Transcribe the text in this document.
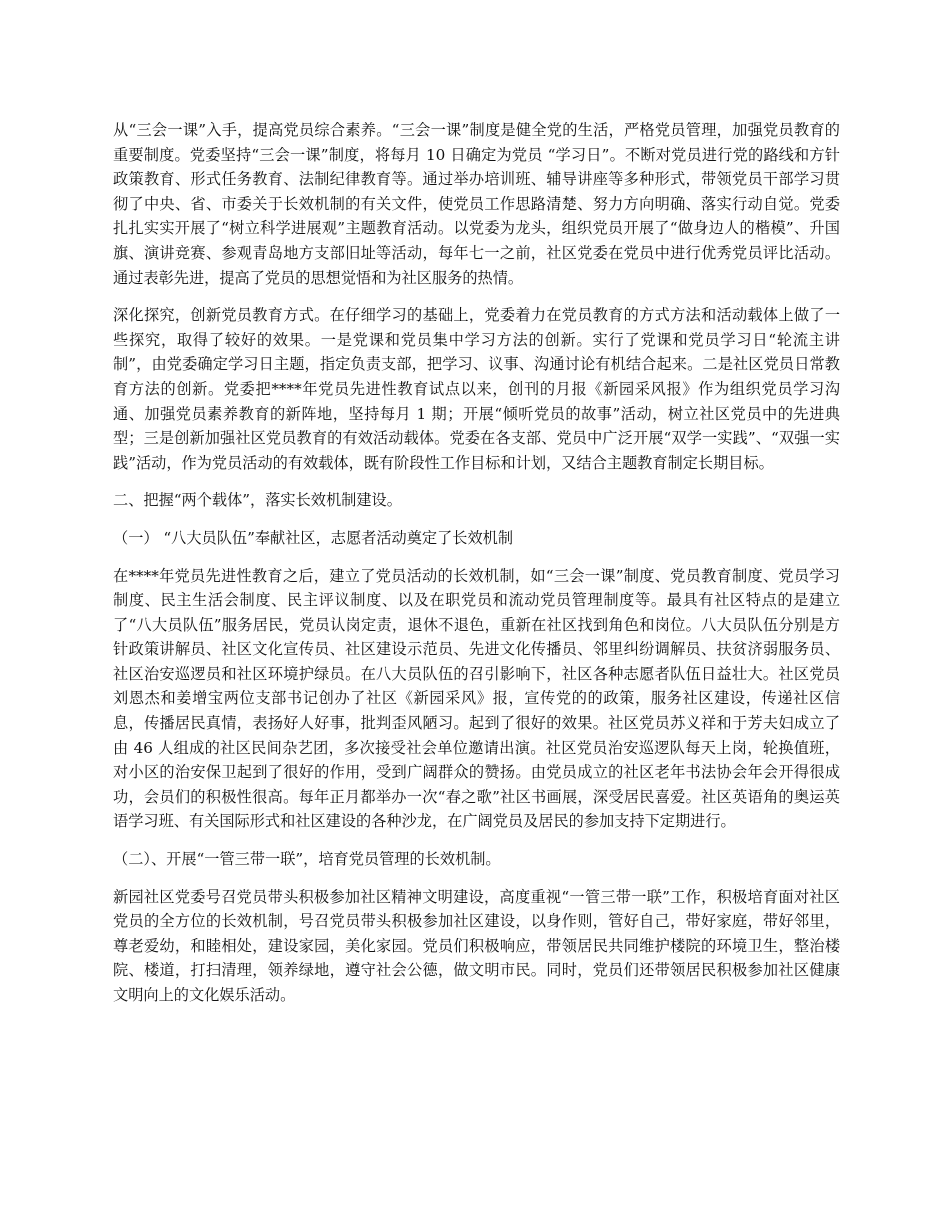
从“三会一课”入手，提高党员综合素养。“三会一课”制度是健全党的生活，严格党员管理，加强党员教育的重要制度。党委坚持“三会一课”制度，将每月 10 日确定为党员 “学习日”。不断对党员进行党的路线和方针政策教育、形式任务教育、法制纪律教育等。通过举办培训班、辅导讲座等多种形式，带领党员干部学习贯彻了中央、省、市委关于长效机制的有关文件，使党员工作思路清楚、努力方向明确、落实行动自觉。党委扎扎实实开展了“树立科学进展观”主题教育活动。以党委为龙头，组织党员开展了“做身边人的楷模”、升国旗、演讲竞赛、参观青岛地方支部旧址等活动，每年七一之前，社区党委在党员中进行优秀党员评比活动。通过表彰先进，提高了党员的思想觉悟和为社区服务的热情。

深化探究，创新党员教育方式。在仔细学习的基础上，党委着力在党员教育的方式方法和活动载体上做了一些探究，取得了较好的效果。一是党课和党员集中学习方法的创新。实行了党课和党员学习日“轮流主讲制”，由党委确定学习日主题，指定负责支部，把学习、议事、沟通讨论有机结合起来。二是社区党员日常教育方法的创新。党委把****年党员先进性教育试点以来，创刊的月报《新园采风报》作为组织党员学习沟通、加强党员素养教育的新阵地，坚持每月 1 期；开展“倾听党员的故事”活动，树立社区党员中的先进典型；三是创新加强社区党员教育的有效活动载体。党委在各支部、党员中广泛开展“双学一实践”、“双强一实践”活动，作为党员活动的有效载体，既有阶段性工作目标和计划，又结合主题教育制定长期目标。

二、把握“两个载体”，落实长效机制建设。

（一） “八大员队伍”奉献社区，志愿者活动奠定了长效机制

在****年党员先进性教育之后，建立了党员活动的长效机制，如“三会一课”制度、党员教育制度、党员学习制度、民主生活会制度、民主评议制度、以及在职党员和流动党员管理制度等。最具有社区特点的是建立了“八大员队伍”服务居民，党员认岗定责，退休不退色，重新在社区找到角色和岗位。八大员队伍分别是方针政策讲解员、社区文化宣传员、社区建设示范员、先进文化传播员、邻里纠纷调解员、扶贫济弱服务员、社区治安巡逻员和社区环境护绿员。在八大员队伍的召引影响下，社区各种志愿者队伍日益壮大。社区党员刘恩杰和姜增宝两位支部书记创办了社区《新园采风》报，宣传党的的政策，服务社区建设，传递社区信息，传播居民真情，表扬好人好事，批判歪风陋习。起到了很好的效果。社区党员苏义祥和于芳夫妇成立了由 46 人组成的社区民间杂艺团，多次接受社会单位邀请出演。社区党员治安巡逻队每天上岗，轮换值班，对小区的治安保卫起到了很好的作用，受到广阔群众的赞扬。由党员成立的社区老年书法协会年会开得很成功，会员们的积极性很高。每年正月都举办一次“春之歌”社区书画展，深受居民喜爱。社区英语角的奥运英语学习班、有关国际形式和社区建设的各种沙龙，在广阔党员及居民的参加支持下定期进行。

（二）、开展“一管三带一联”，培育党员管理的长效机制。

新园社区党委号召党员带头积极参加社区精神文明建设，高度重视“一管三带一联”工作，积极培育面对社区党员的全方位的长效机制，号召党员带头积极参加社区建设，以身作则，管好自己，带好家庭，带好邻里，尊老爱幼，和睦相处，建设家园，美化家园。党员们积极响应，带领居民共同维护楼院的环境卫生，整治楼院、楼道，打扫清理，领养绿地，遵守社会公德，做文明市民。同时，党员们还带领居民积极参加社区健康文明向上的文化娱乐活动。
